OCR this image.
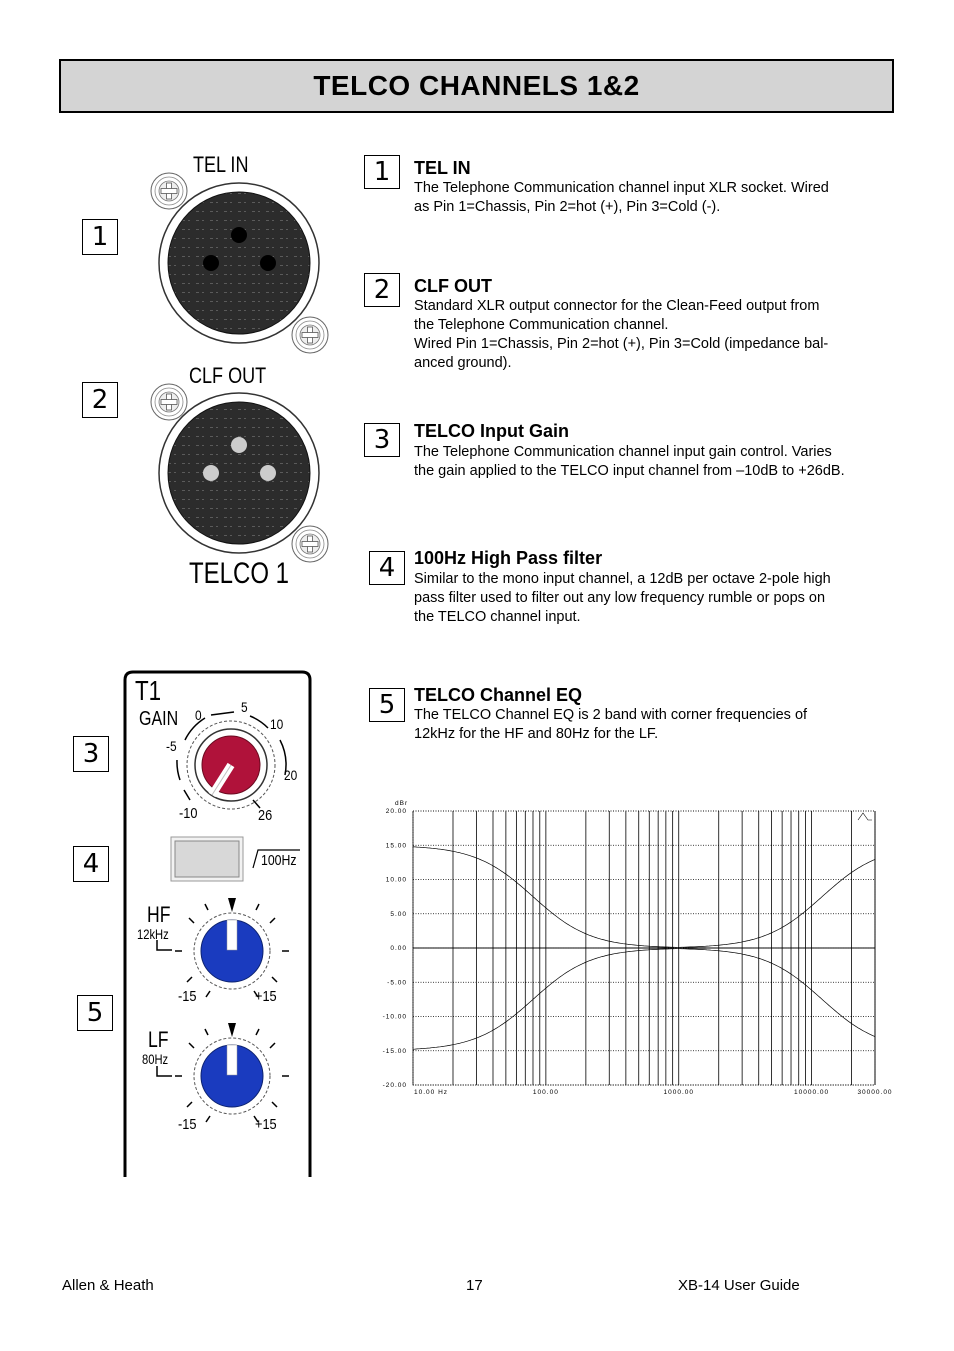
TELCO CHANNELS 1&2
TEL IN
CLF OUT
TELCO 1
T1
GAIN
-10
-5
0	5
10
20
26
100Hz
HF
12kHz
-15	+15
LF
80Hz
-15	+15
1
2
3
4
5
1	TEL IN
The Telephone Communication channel input XLR socket. Wired
as Pin 1=Chassis, Pin 2=hot (+), Pin 3=Cold (-).
2	CLF OUT
Standard XLR output connector for the Clean-Feed output from
the Telephone Communication channel.
Wired Pin 1=Chassis, Pin 2=hot (+), Pin 3=Cold (impedance bal-
anced ground).
3	TELCO Input Gain
The Telephone Communication channel input gain control. Varies
the gain applied to the TELCO input channel from –10dB to +26dB.
4	100Hz High Pass filter
Similar to the mono input channel, a 12dB per octave 2-pole high
pass filter used to filter out any low frequency rumble or pops on
the TELCO channel input.
5	TELCO Channel EQ
The TELCO Channel EQ is 2 band with corner frequencies of
12kHz for the HF and 80Hz for the LF.
20.00
15.00
10.00
5.00
0.00
-5.00
-10.00
-15.00
-20.00
dBr
10.00 Hz	100.00	1000.00	10000.00	30000.00
Allen & Heath	17	XB-14 User Guide
